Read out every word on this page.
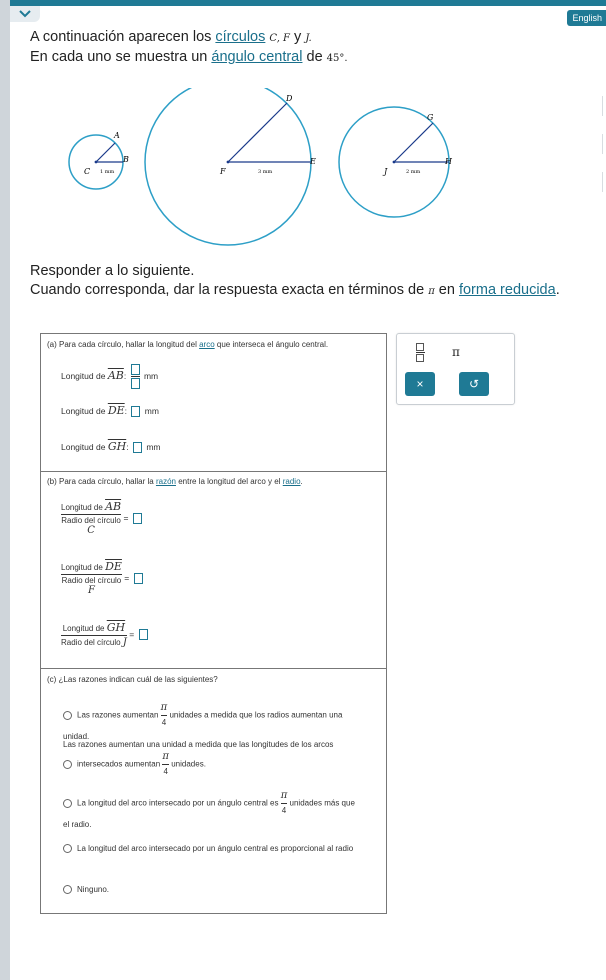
English
A continuación aparecen los círculos C, F y J.
En cada uno se muestra un ángulo central de 45°.
C
A
B
1 mm	F
D
E
3 mm	J
G
H
2 mm
Responder a lo siguiente.
Cuando corresponda, dar la respuesta exacta en términos de π en forma reducida.
(a) Para cada círculo, hallar la longitud del arco que interseca el ángulo central.
Longitud de $\overline{AB}$: mm
Longitud de $\overline{DE}$: mm
Longitud de $\overline{GH}$: mm
(b) Para cada círculo, hallar la razón entre la longitud del arco y el radio.
Longitud de $\overline{AB}$
Radio del círculo
C
=
Longitud de $\overline{DE}$
Radio del círculo
F
=
$\frac{Longitud de \overline{GH}}{\text{Radio del círculo J}}$ =
(c) ¿Las razones indican cuál de las siguientes?
Las razones aumentan $\frac{\pi}{4}$ unidades a medida que los radios aumentan una
unidad.
Las razones aumentan una unidad a medida que las longitudes de los arcos
intersecados aumentan $\frac{\pi}{4}$ unidades.
La longitud del arco intersecado por un ángulo central es $\frac{\pi}{4}$ unidades más que
el radio.
La longitud del arco intersecado por un ángulo central es proporcional al radio
Ninguno.
π
×	↺
